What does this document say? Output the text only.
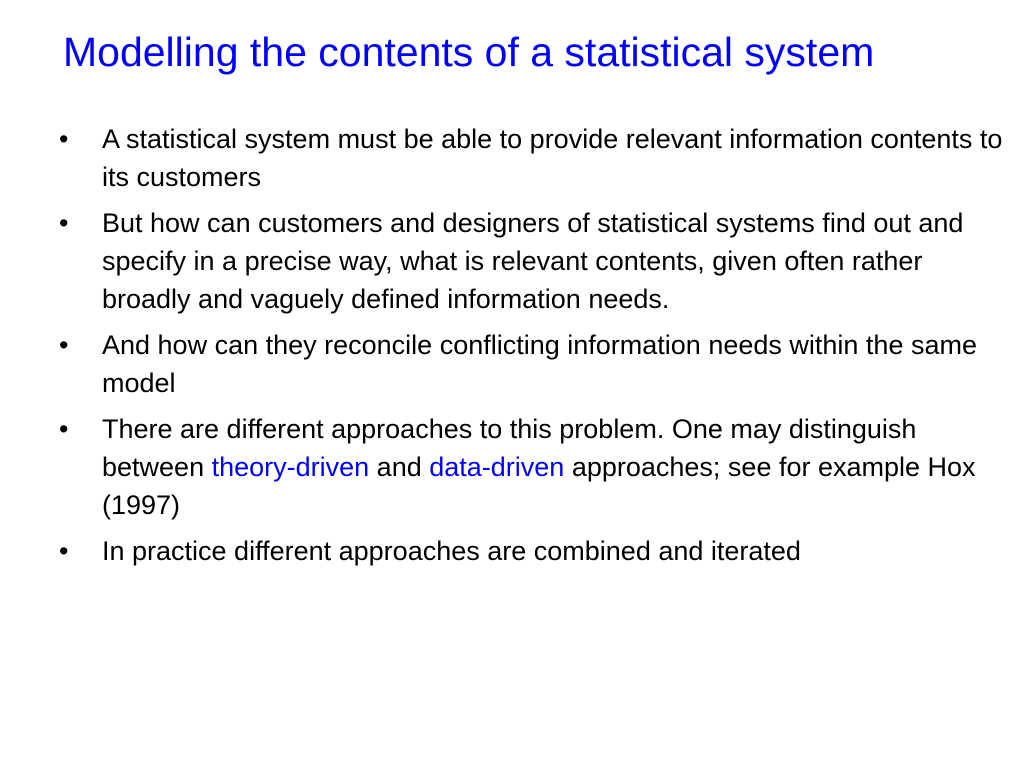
Modelling the contents of a statistical system
• A statistical system must be able to provide relevant information contents to its customers
• But how can customers and designers of statistical systems find out and specify in a precise way, what is relevant contents, given often rather broadly and vaguely defined information needs.
• And how can they reconcile conflicting information needs within the same model
• There are different approaches to this problem. One may distinguish between theory-driven and data-driven approaches; see for example Hox (1997)
• In practice different approaches are combined and iterated
